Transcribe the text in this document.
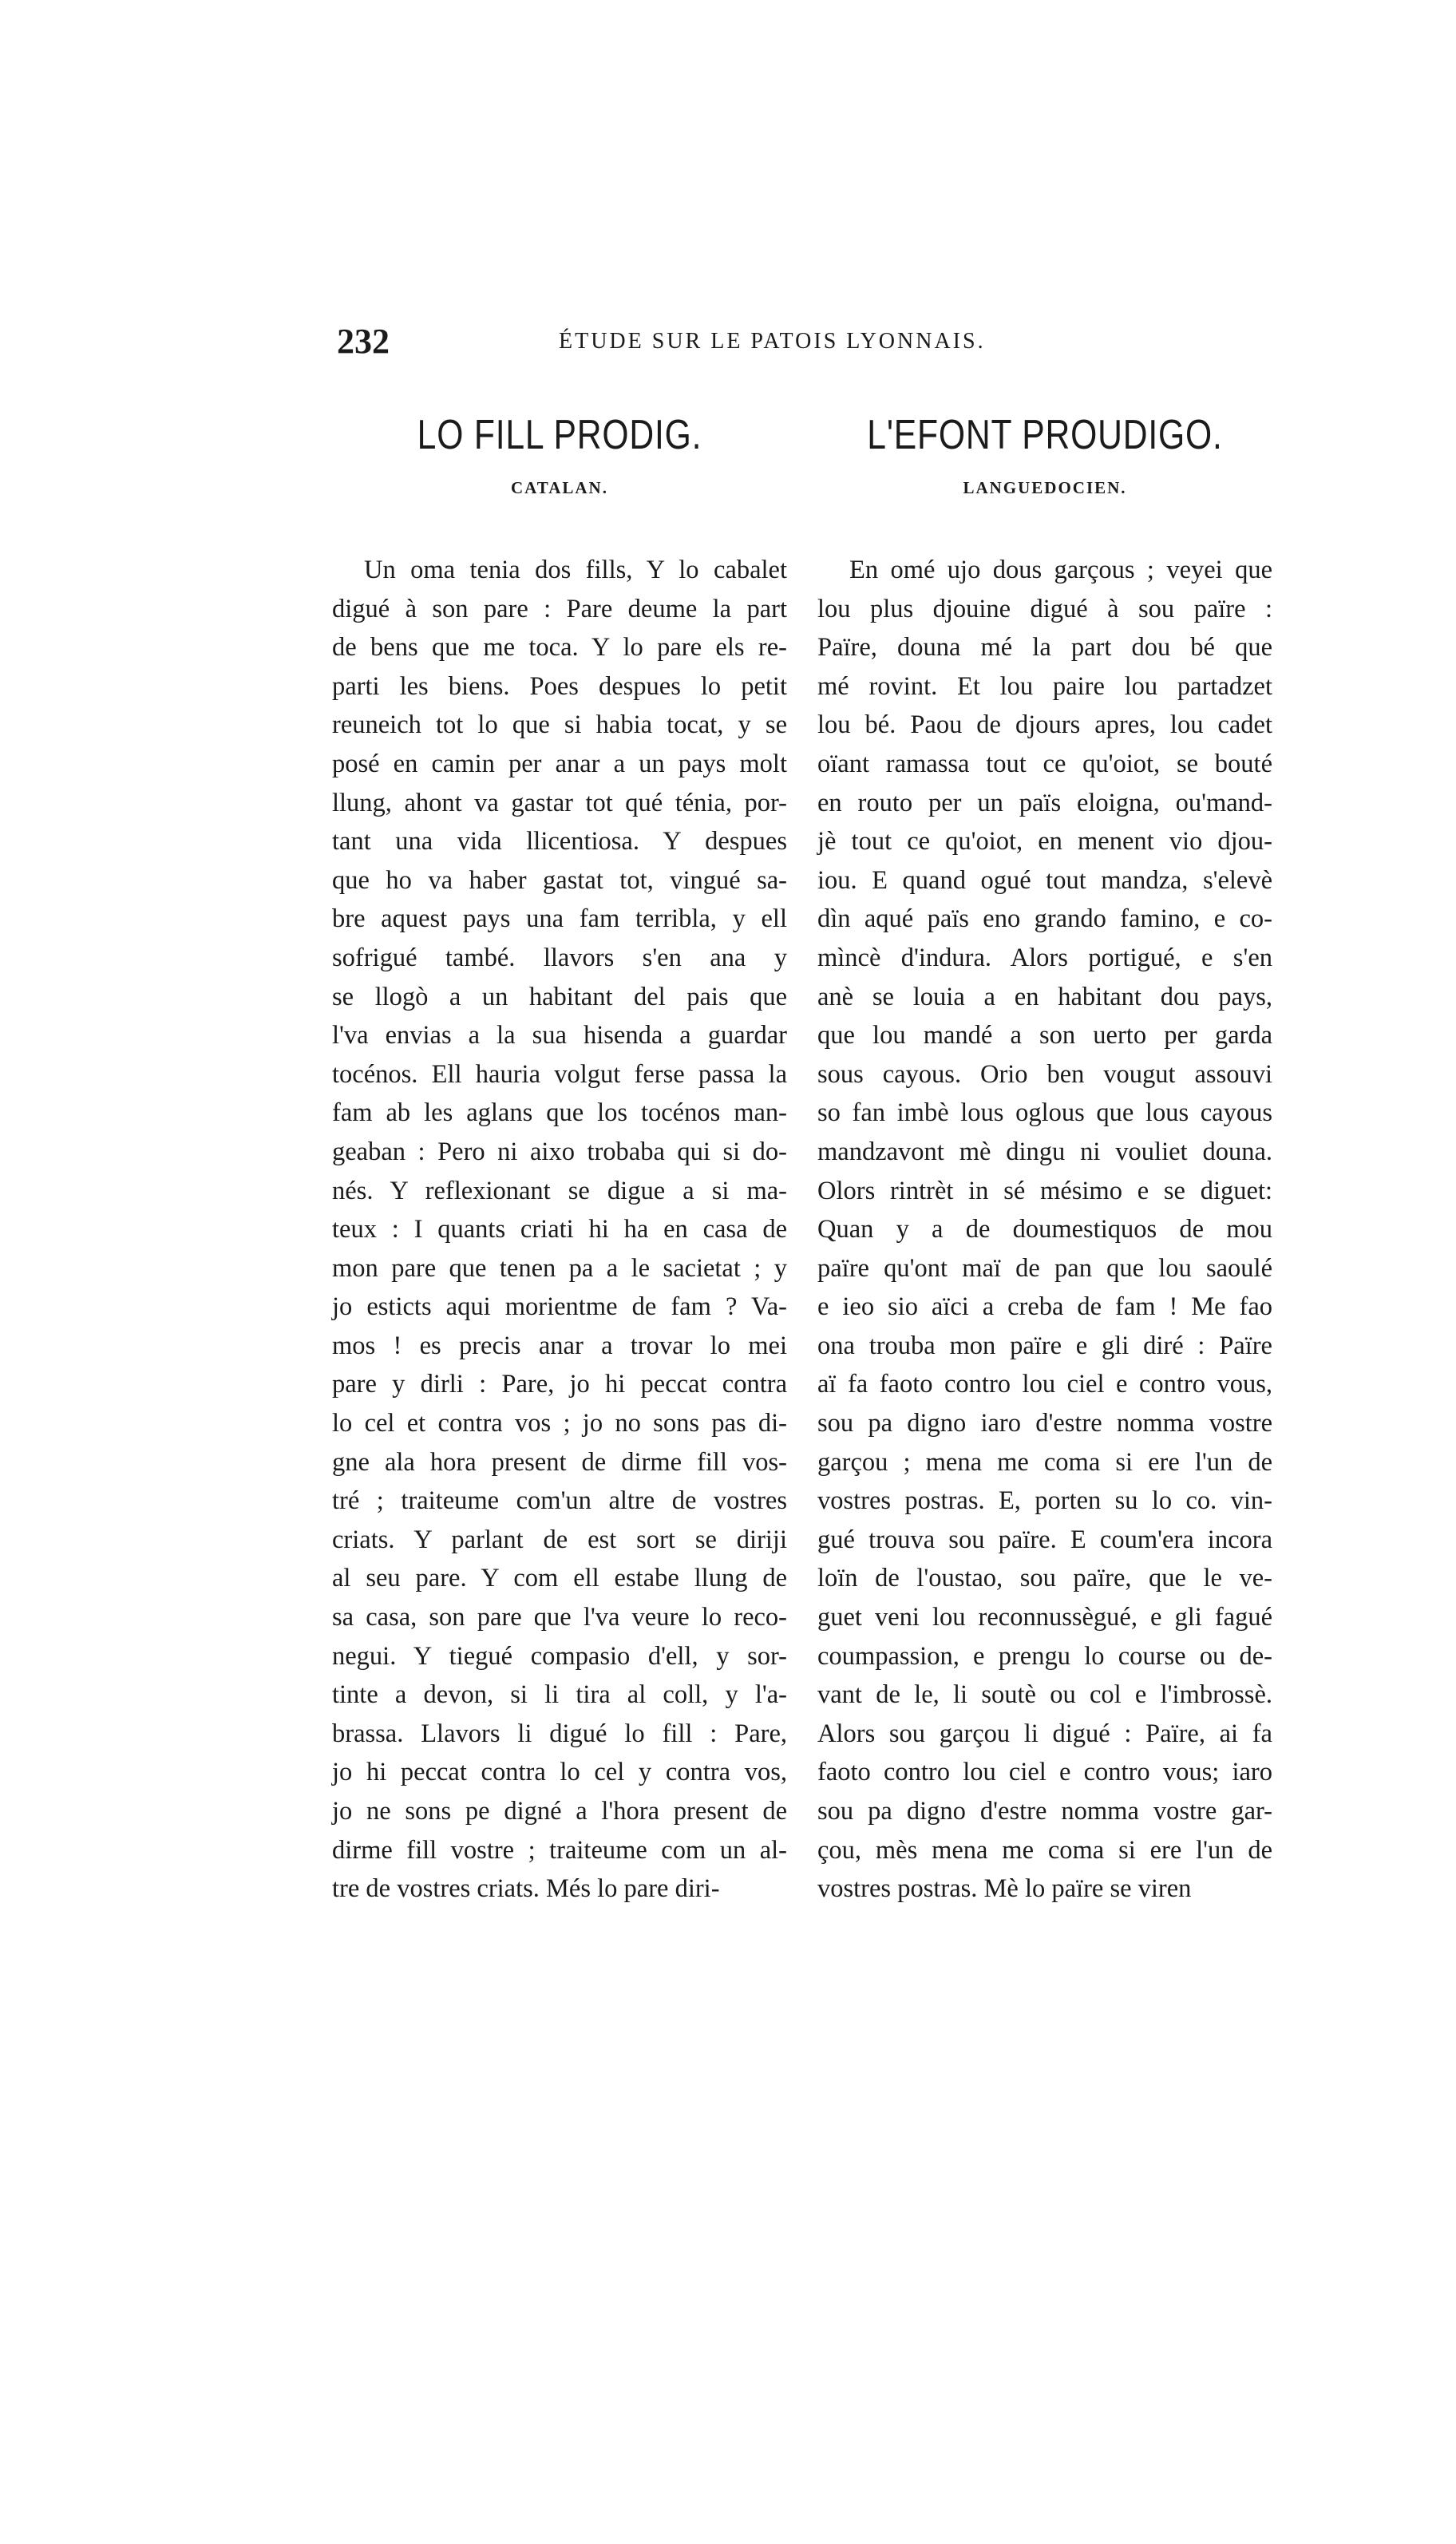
232	ÉTUDE SUR LE PATOIS LYONNAIS.
LO FILL PRODIG.
CATALAN.
Un oma tenia dos fills, Y lo cabalet
digué à son pare : Pare deume la part
de bens que me toca. Y lo pare els re-
parti les biens. Poes despues lo petit
reuneich tot lo que si habia tocat, y se
posé en camin per anar a un pays molt
llung, ahont va gastar tot qué ténia, por-
tant una vida llicentiosa. Y despues
que ho va haber gastat tot, vingué sa-
bre aquest pays una fam terribla, y ell
sofrigué també. llavors s'en ana y
se llogò a un habitant del pais que
l'va envias a la sua hisenda a guardar
tocénos. Ell hauria volgut ferse passa la
fam ab les aglans que los tocénos man-
geaban : Pero ni aixo trobaba qui si do-
nés. Y reflexionant se digue a si ma-
teux : I quants criati hi ha en casa de
mon pare que tenen pa a le sacietat ; y
jo esticts aqui morientme de fam ? Va-
mos ! es precis anar a trovar lo mei
pare y dirli : Pare, jo hi peccat contra
lo cel et contra vos ; jo no sons pas di-
gne ala hora present de dirme fill vos-
tré ; traiteume com'un altre de vostres
criats. Y parlant de est sort se diriji
al seu pare. Y com ell estabe llung de
sa casa, son pare que l'va veure lo reco-
negui. Y tiegué compasio d'ell, y sor-
tinte a devon, si li tira al coll, y l'a-
brassa. Llavors li digué lo fill : Pare,
jo hi peccat contra lo cel y contra vos,
jo ne sons pe digné a l'hora present de
dirme fill vostre ; traiteume com un al-
tre de vostres criats. Més lo pare diri-
L'EFONT PROUDIGO.
LANGUEDOCIEN.
En omé ujo dous garçous ; veyei que
lou plus djouine digué à sou païre :
Païre, douna mé la part dou bé que
mé rovint. Et lou paire lou partadzet
lou bé. Paou de djours apres, lou cadet
oïant ramassa tout ce qu'oiot, se bouté
en routo per un païs eloigna, ou'mand-
jè tout ce qu'oiot, en menent vio djou-
iou. E quand ogué tout mandza, s'elevè
dìn aqué païs eno grando famino, e co-
mìncè d'indura. Alors portigué, e s'en
anè se louia a en habitant dou pays,
que lou mandé a son uerto per garda
sous cayous. Orio ben vougut assouvi
so fan imbè lous oglous que lous cayous
mandzavont mè dingu ni vouliet douna.
Olors rintrèt in sé mésimo e se diguet:
Quan y a de doumestiquos de mou
païre qu'ont maï de pan que lou saoulé
e ieo sio aïci a creba de fam ! Me fao
ona trouba mon païre e gli diré : Païre
aï fa faoto contro lou ciel e contro vous,
sou pa digno iaro d'estre nomma vostre
garçou ; mena me coma si ere l'un de
vostres postras. E, porten su lo co. vin-
gué trouva sou païre. E coum'era incora
loïn de l'oustao, sou païre, que le ve-
guet veni lou reconnussègué, e gli fagué
coumpassion, e prengu lo course ou de-
vant de le, li soutè ou col e l'imbrossè.
Alors sou garçou li digué : Païre, ai fa
faoto contro lou ciel e contro vous; iaro
sou pa digno d'estre nomma vostre gar-
çou, mès mena me coma si ere l'un de
vostres postras. Mè lo païre se viren
